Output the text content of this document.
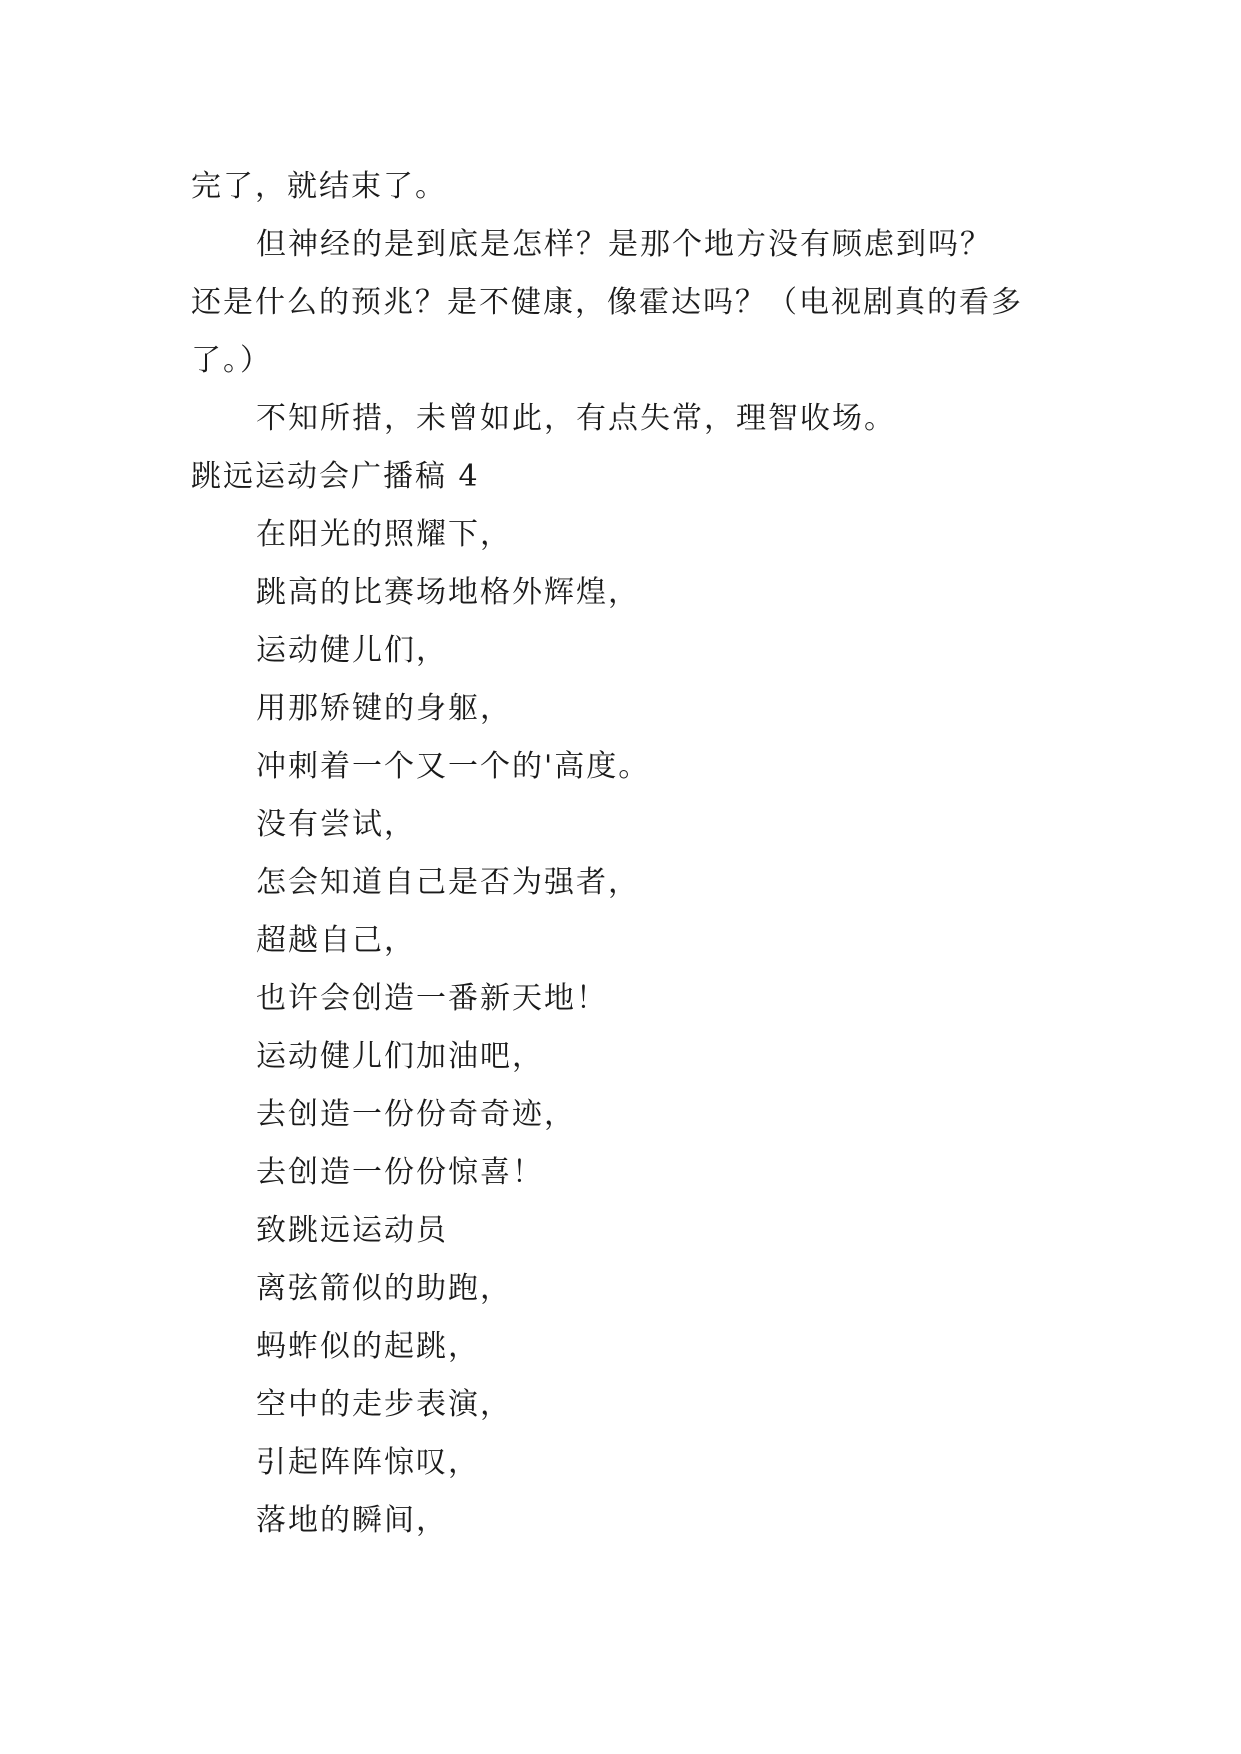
完了，就结束了。
但神经的是到底是怎样？是那个地方没有顾虑到吗？
还是什么的预兆？是不健康，像霍达吗？（电视剧真的看多
了。）
不知所措，未曾如此，有点失常，理智收场。
跳远运动会广播稿 4
在阳光的照耀下，
跳高的比赛场地格外辉煌，
运动健儿们，
用那矫键的身躯，
冲刺着一个又一个的'高度。
没有尝试，
怎会知道自己是否为强者，
超越自己，
也许会创造一番新天地！
运动健儿们加油吧，
去创造一份份奇奇迹，
去创造一份份惊喜！
致跳远运动员
离弦箭似的助跑，
蚂蚱似的起跳，
空中的走步表演，
引起阵阵惊叹，
落地的瞬间，
